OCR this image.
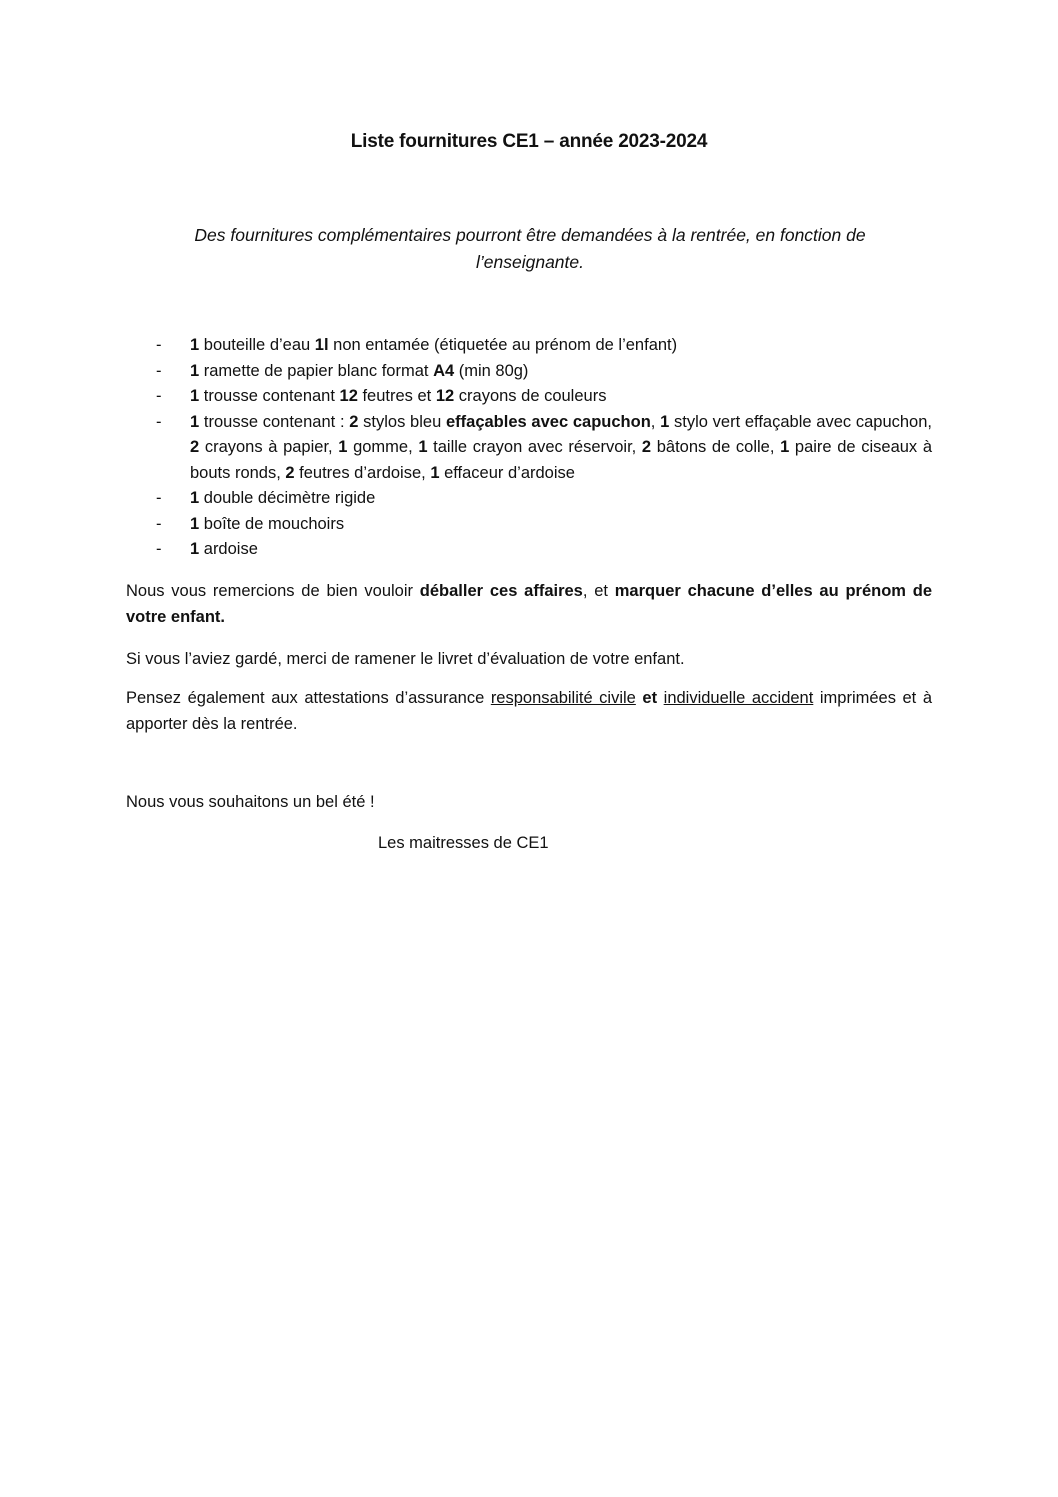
Liste fournitures CE1 – année 2023-2024
Des fournitures complémentaires pourront être demandées à la rentrée, en fonction de l’enseignante.
- 1 bouteille d’eau 1l non entamée (étiquetée au prénom de l’enfant)
- 1 ramette de papier blanc format A4 (min 80g)
- 1 trousse contenant 12 feutres et 12 crayons de couleurs
- 1 trousse contenant : 2 stylos bleu effaçables avec capuchon, 1 stylo vert effaçable avec capuchon, 2 crayons à papier, 1 gomme, 1 taille crayon avec réservoir, 2 bâtons de colle, 1 paire de ciseaux à bouts ronds, 2 feutres d’ardoise, 1 effaceur d’ardoise
- 1 double décimètre rigide
- 1 boîte de mouchoirs
- 1 ardoise

Nous vous remercions de bien vouloir déballer ces affaires, et marquer chacune d’elles au prénom de votre enfant.

Si vous l’aviez gardé, merci de ramener le livret d’évaluation de votre enfant.

Pensez également aux attestations d’assurance responsabilité civile et individuelle accident imprimées et à apporter dès la rentrée.

Nous vous souhaitons un bel été !

Les maitresses de CE1
